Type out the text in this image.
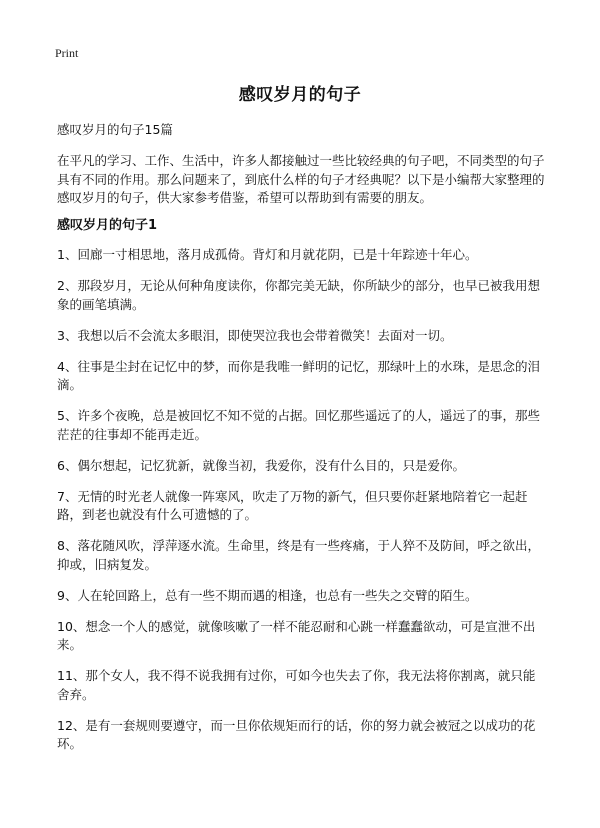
Print
感叹岁月的句子

感叹岁月的句子15篇

在平凡的学习、工作、生活中，许多人都接触过一些比较经典的句子吧，不同类型的句子具有不同的作用。那么问题来了，到底什么样的句子才经典呢？以下是小编帮大家整理的感叹岁月的句子，供大家参考借鉴，希望可以帮助到有需要的朋友。

感叹岁月的句子1
1、回廊一寸相思地，落月成孤倚。背灯和月就花阴，已是十年踪迹十年心。
2、那段岁月，无论从何种角度读你，你都完美无缺，你所缺少的部分，也早已被我用想象的画笔填满。
3、我想以后不会流太多眼泪，即使哭泣我也会带着微笑！去面对一切。
4、往事是尘封在记忆中的梦，而你是我唯一鲜明的记忆，那绿叶上的水珠，是思念的泪滴。
5、许多个夜晚，总是被回忆不知不觉的占据。回忆那些遥远了的人，遥远了的事，那些茫茫的往事却不能再走近。
6、偶尔想起，记忆犹新，就像当初，我爱你，没有什么目的，只是爱你。
7、无情的时光老人就像一阵寒风，吹走了万物的新气，但只要你赶紧地陪着它一起赶路，到老也就没有什么可遗憾的了。
8、落花随风吹，浮萍逐水流。生命里，终是有一些疼痛，于人猝不及防间，呼之欲出，抑或，旧病复发。
9、人在轮回路上，总有一些不期而遇的相逢，也总有一些失之交臂的陌生。
10、想念一个人的感觉，就像咳嗽了一样不能忍耐和心跳一样蠢蠢欲动，可是宣泄不出来。
11、那个女人，我不得不说我拥有过你，可如今也失去了你，我无法将你割离，就只能舍弃。
12、是有一套规则要遵守，而一旦你依规矩而行的话，你的努力就会被冠之以成功的花环。
